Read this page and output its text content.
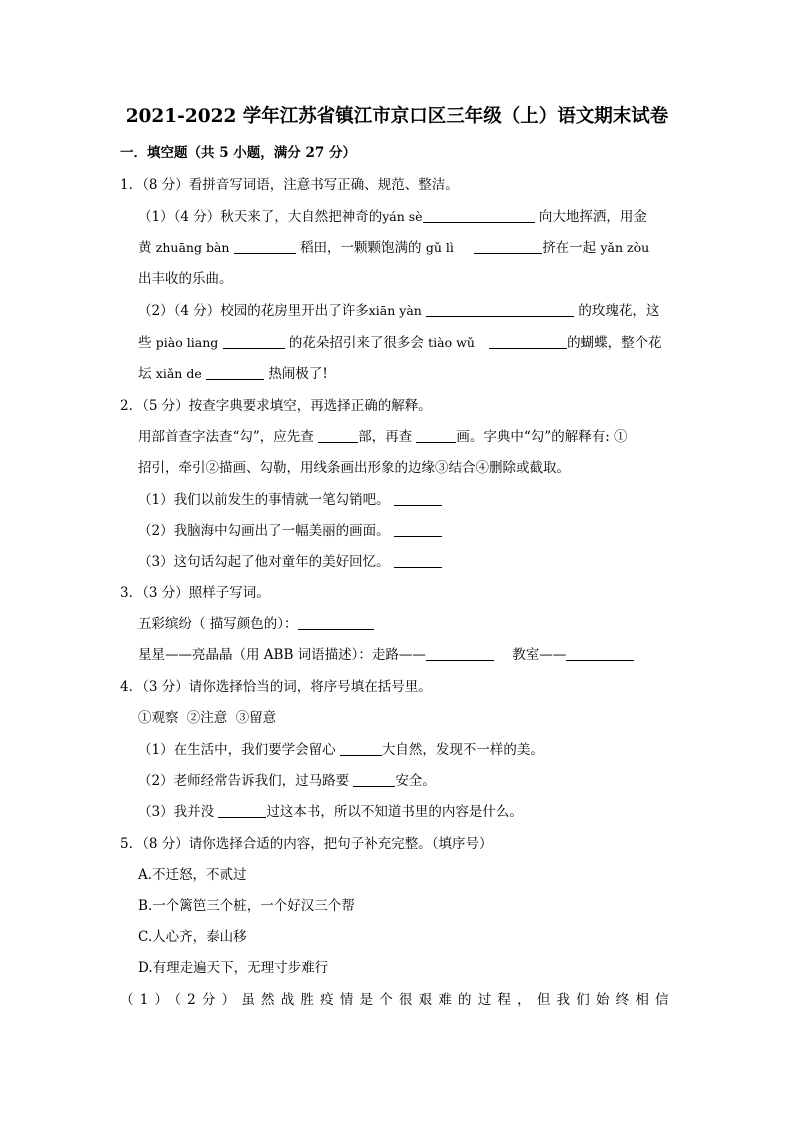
2021-2022 学年江苏省镇江市京口区三年级（上）语文期末试卷
一．填空题（共 5 小题，满分 27 分）
1．（8 分）看拼音写词语，注意书写正确、规范、整洁。
（1）（4 分）秋天来了，大自然把神奇的yán sè	向大地挥洒，用金
黄 zhuāng bàn	稻田，一颗颗饱满的 gǔ lì	挤在一起 yǎn zòu
出丰收的乐曲。
（2）（4 分）校园的花房里开出了许多xiān yàn	的玫瑰花，这
些 piào liang	的花朵招引来了很多会 tiào wǔ	的蝴蝶，整个花
坛 xiǎn de	热闹极了!
2．（5 分）按查字典要求填空，再选择正确的解释。
用部首查字法查“勾”，应先查	部，再查	画。字典中“勾”的解释有: ①
招引，牵引②描画、勾勒，用线条画出形象的边缘③结合④删除或截取。
（1）我们以前发生的事情就一笔勾销吧。
（2）我脑海中勾画出了一幅美丽的画面。
（3）这句话勾起了他对童年的美好回忆。
3．（3 分）照样子写词。
五彩缤纷（ 描写颜色的）：
星星——亮晶晶（用 ABB 词语描述）：走路——	教室——
4．（3 分）请你选择恰当的词，将序号填在括号里。
①观察 ②注意 ③留意
（1）在生活中，我们要学会留心	大自然，发现不一样的美。
（2）老师经常告诉我们，过马路要	安全。
（3）我并没	过这本书，所以不知道书里的内容是什么。
5．（8 分）请你选择合适的内容，把句子补充完整。（填序号）
A.不迁怒，不贰过
B.一个篱笆三个桩，一个好汉三个帮
C.人心齐，泰山移
D.有理走遍天下，无理寸步难行
（1）（2分）虽然战胜疫情是个很艰难的过程，但我们始终相信
